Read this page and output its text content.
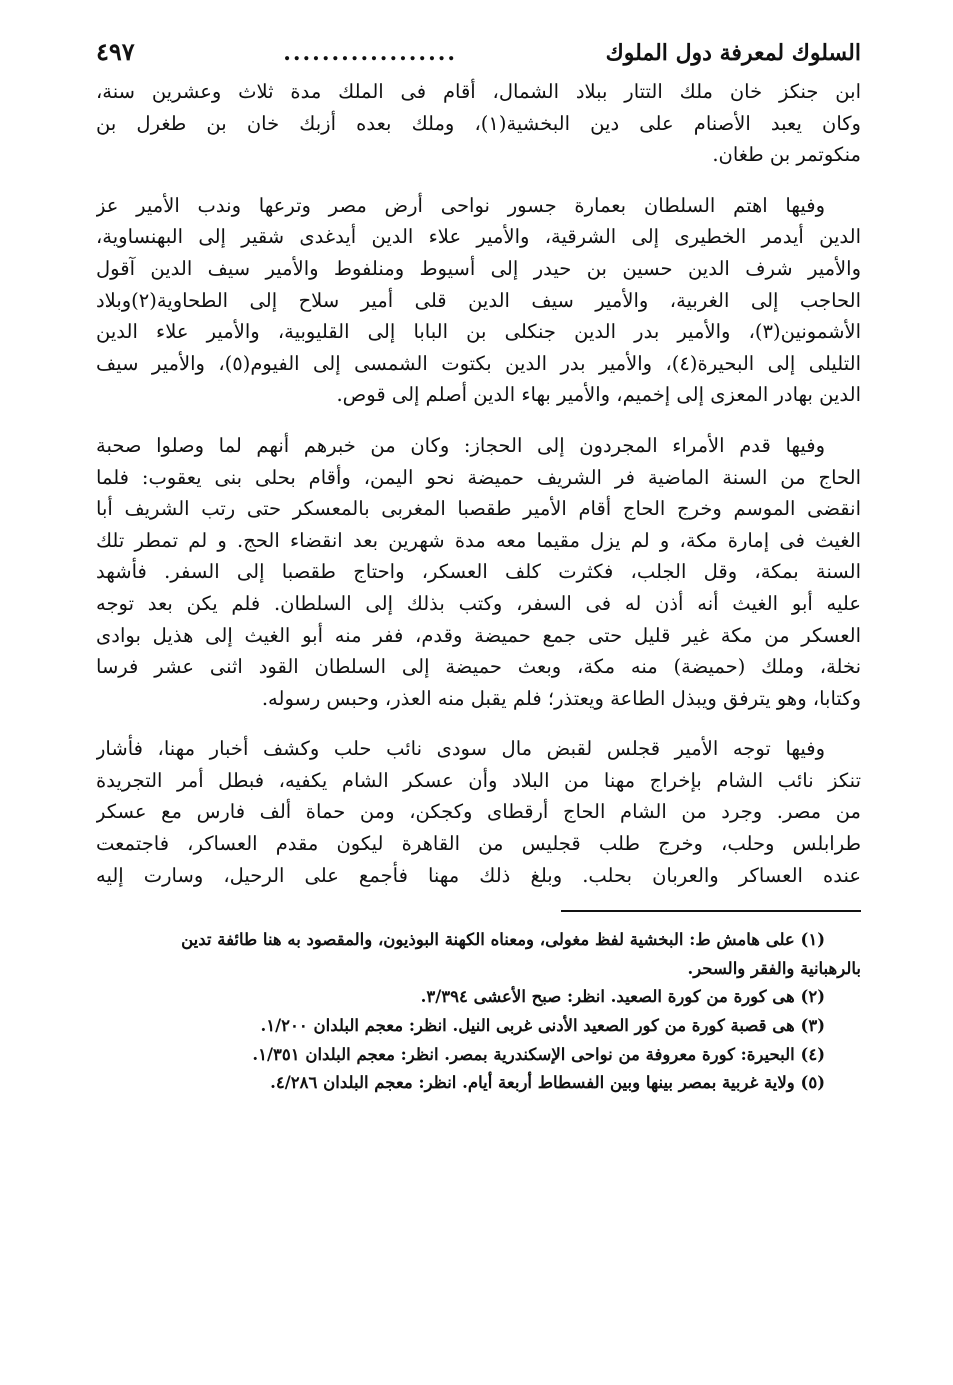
السلوك لمعرفة دول الملوك
..................
٤٩٧

ابن جنكز خان ملك التتار ببلاد الشمال، أقام فى الملك مدة ثلاث وعشرين سنة،
وكان يعبد الأصنام على دين البخشية(١)، وملك بعده أزبك خان بن طغرل بن
منكوتمر بن طغان.

وفيها اهتم السلطان بعمارة جسور نواحى أرض مصر وترعها وندب الأمير عز
الدين أيدمر الخطيرى إلى الشرقية، والأمير علاء الدين أيدغدى شقير إلى البهنساوية،
والأمير شرف الدين حسين بن حيدر إلى أسيوط ومنلفوط والأمير سيف الدين آقول
الحاجب إلى الغربية، والأمير سيف الدين قلى أمير سلاح إلى الطحاوية(٢)وبلاد
الأشمونين(٣)، والأمير بدر الدين جنكلى بن البابا إلى القليوبية، والأمير علاء الدين
التليلى إلى البحيرة(٤)، والأمير بدر الدين بكتوت الشمسى إلى الفيوم(٥)، والأمير سيف
الدين بهادر المعزى إلى إخميم، والأمير بهاء الدين أصلم إلى قوص.

وفيها قدم الأمراء المجردون إلى الحجاز: وكان من خبرهم أنهم لما وصلوا صحبة
الحاج من السنة الماضية فر الشريف حميضة نحو اليمن، وأقام بحلى بنى يعقوب: فلما
انقضى الموسم وخرج الحاج أقام الأمير طقصبا المغربى بالمعسكر حتى رتب الشريف أبا
الغيث فى إمارة مكة، و لم يزل مقيما معه مدة شهرين بعد انقضاء الحج. و لم تمطر تلك
السنة بمكة، وقل الجلب، فكثرت كلف العسكر، واحتاج طقصبا إلى السفر. فأشهد
عليه أبو الغيث أنه أذن له فى السفر، وكتب بذلك إلى السلطان. فلم يكن بعد توجه
العسكر من مكة غير قليل حتى جمع حميضة وقدم، ففر منه أبو الغيث إلى هذيل بوادى
نخلة، وملك (حميضة) منه مكة، وبعث حميضة إلى السلطان القود اثنى عشر فرسا
وكتابا، وهو يترفق ويبذل الطاعة ويعتذر؛ فلم يقبل منه العذر، وحبس رسوله.

وفيها توجه الأمير قجلس لقبض مال سودى نائب حلب وكشف أخبار مهنا، فأشار
تنكز نائب الشام بإخراج مهنا من البلاد وأن عسكر الشام يكفيه، فبطل أمر التجريدة
من مصر. وجرد من الشام الحاج أرقطاى وكجكن، ومن حماة ألف فارس مع عسكر
طرابلس وحلب، وخرج طلب قجليس من القاهرة ليكون مقدم العساكر، فاجتمعت
عنده العساكر والعربان بحلب. وبلغ ذلك مهنا فأجمع على الرحيل، وسارت إليه

(١) على هامش ط: البخشية لفظ مغولى، ومعناه الكهنة البوذيون، والمقصود به هنا طائفة تدين
بالرهبانية والفقر والسحر.
(٢) هى كورة من كورة الصعيد. انظر: صبح الأعشى ٣/٣٩٤.
(٣) هى قصبة كورة من كور الصعيد الأدنى غربى النيل. انظر: معجم البلدان ١/٢٠٠.
(٤) البحيرة: كورة معروفة من نواحى الإسكندرية بمصر. انظر: معجم البلدان ١/٣٥١.
(٥) ولاية غربية بمصر بينها وبين الفسطاط أربعة أيام. انظر: معجم البلدان ٤/٢٨٦.
